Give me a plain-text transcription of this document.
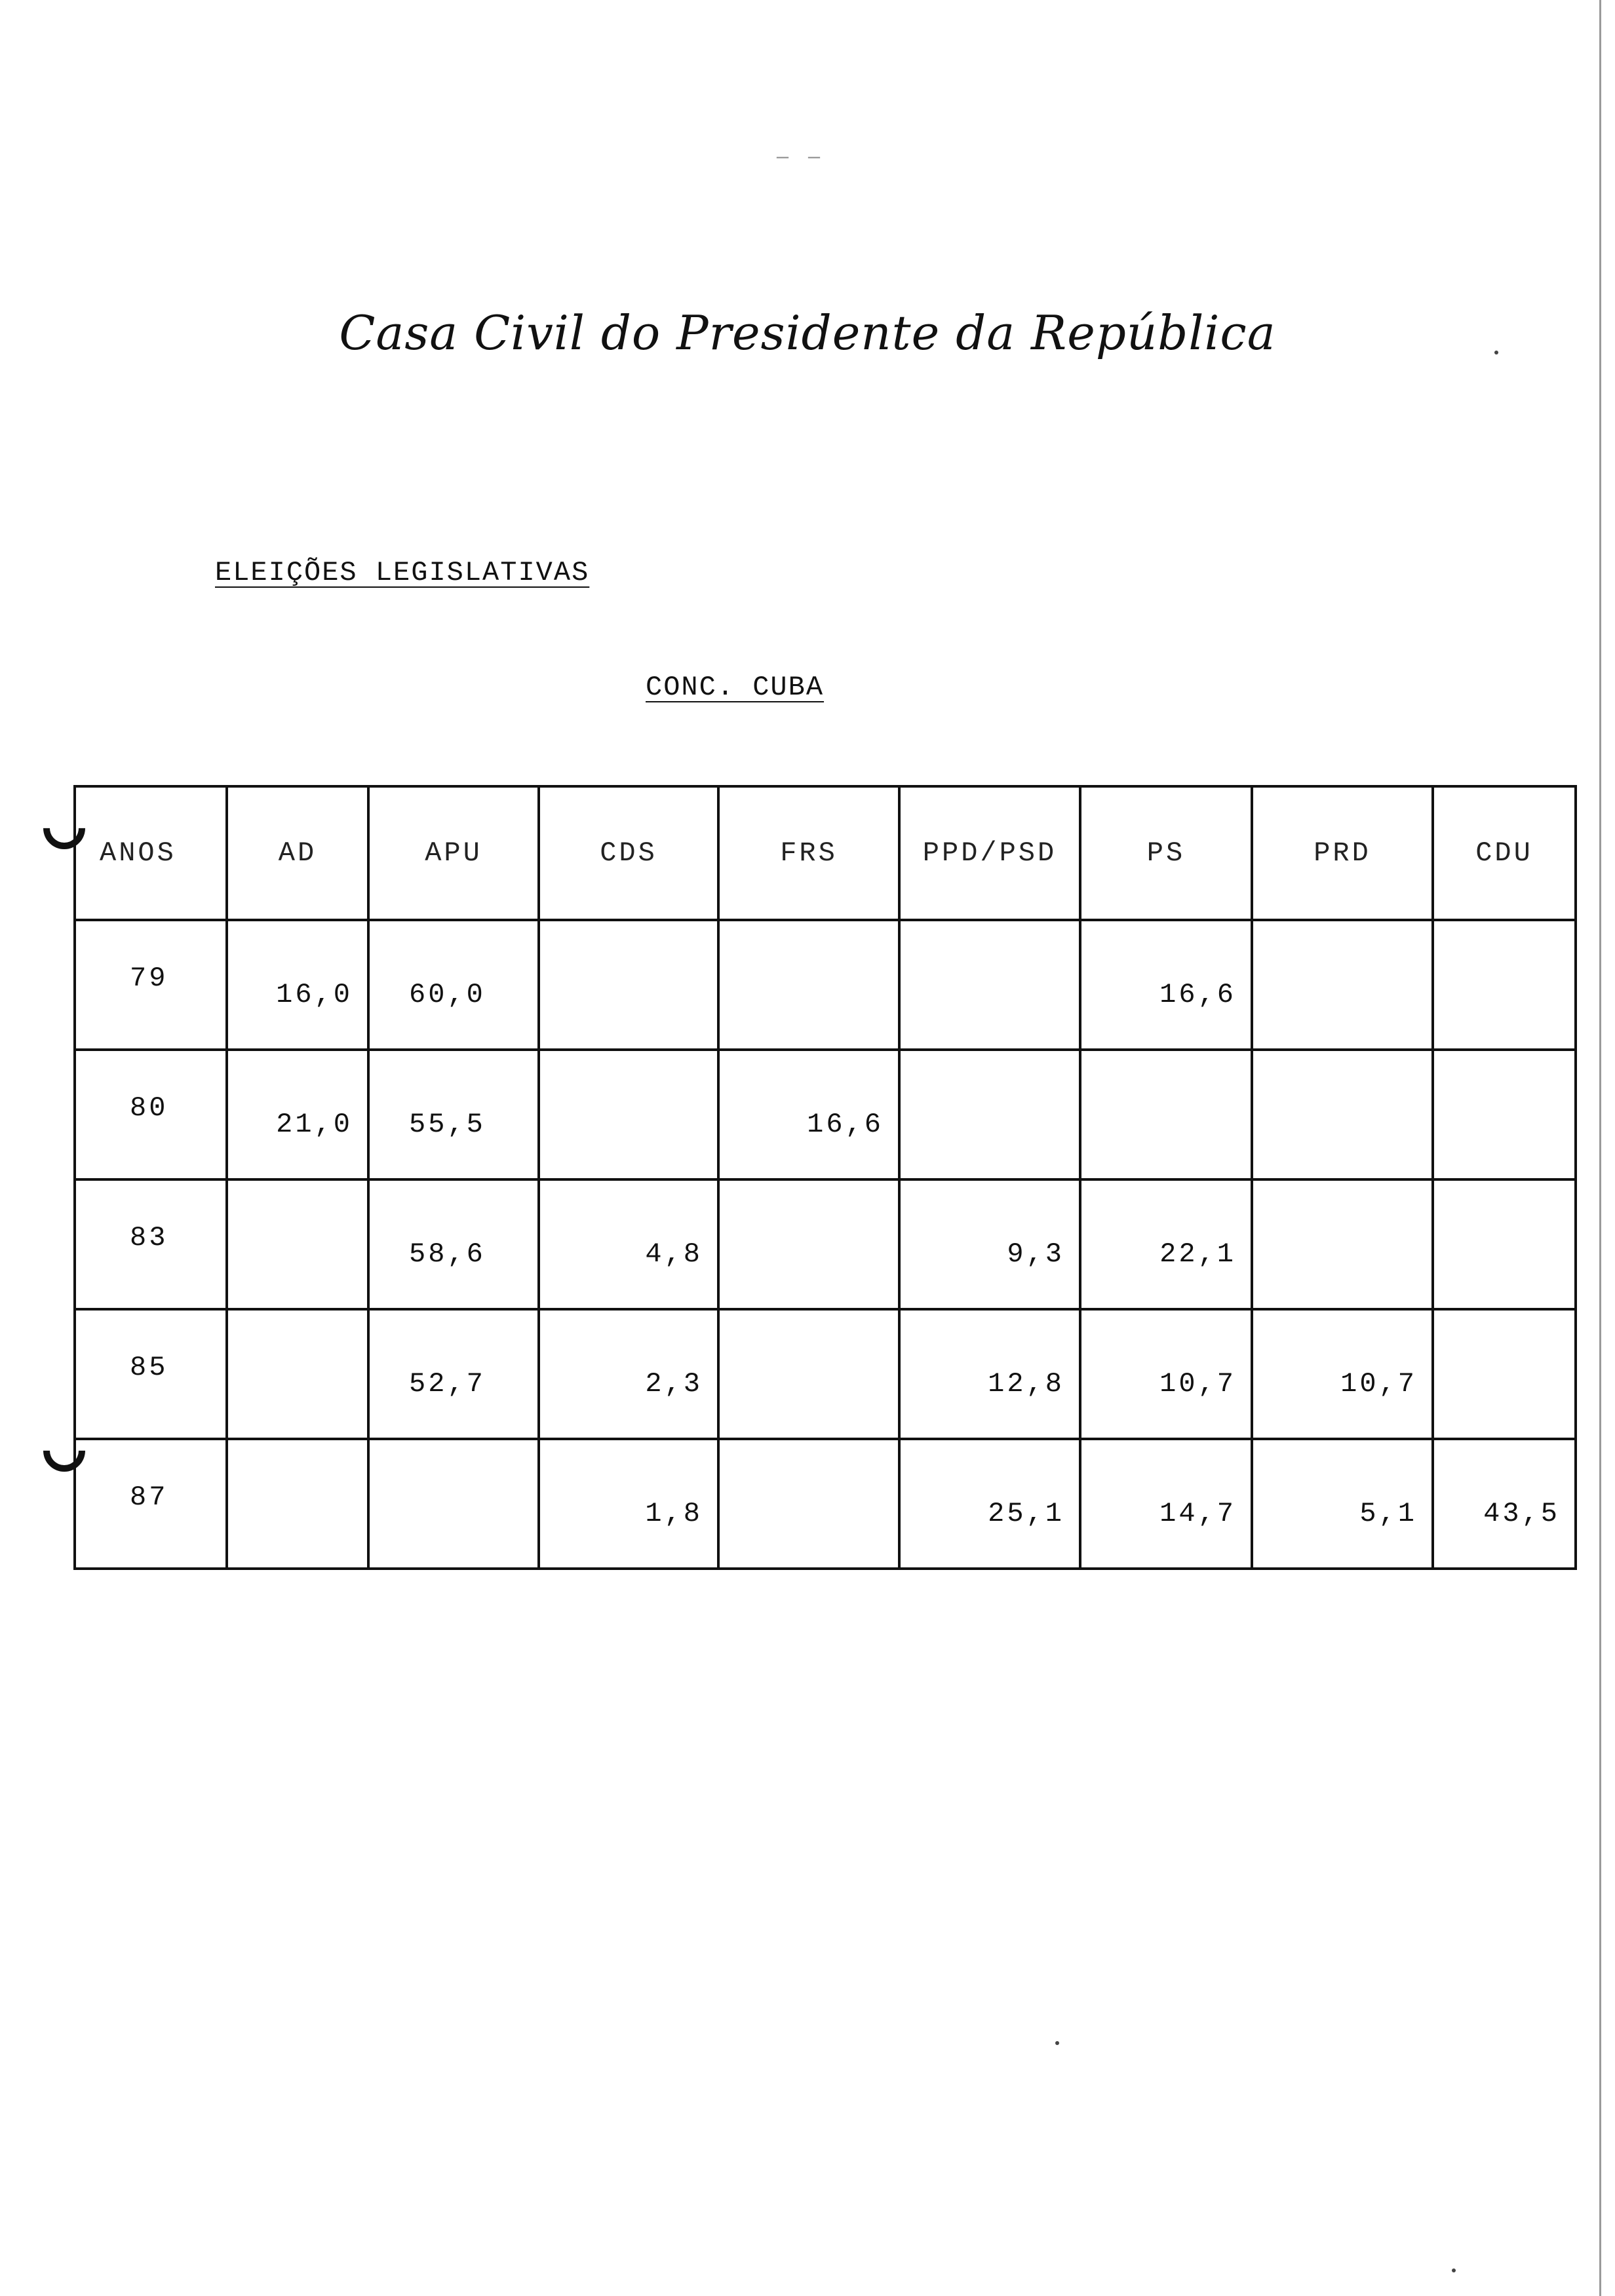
— —
Casa Civil do Presidente da República
ELEIÇÕES LEGISLATIVAS
CONC. CUBA
ANOS	AD	APU	CDS	FRS	PPD/PSD	PS	PRD	CDU
79	16,0	60,0				16,6		
80	21,0	55,5		16,6				
83		58,6	4,8		9,3	22,1		
85		52,7	2,3		12,8	10,7	10,7	
87			1,8		25,1	14,7	5,1	43,5
